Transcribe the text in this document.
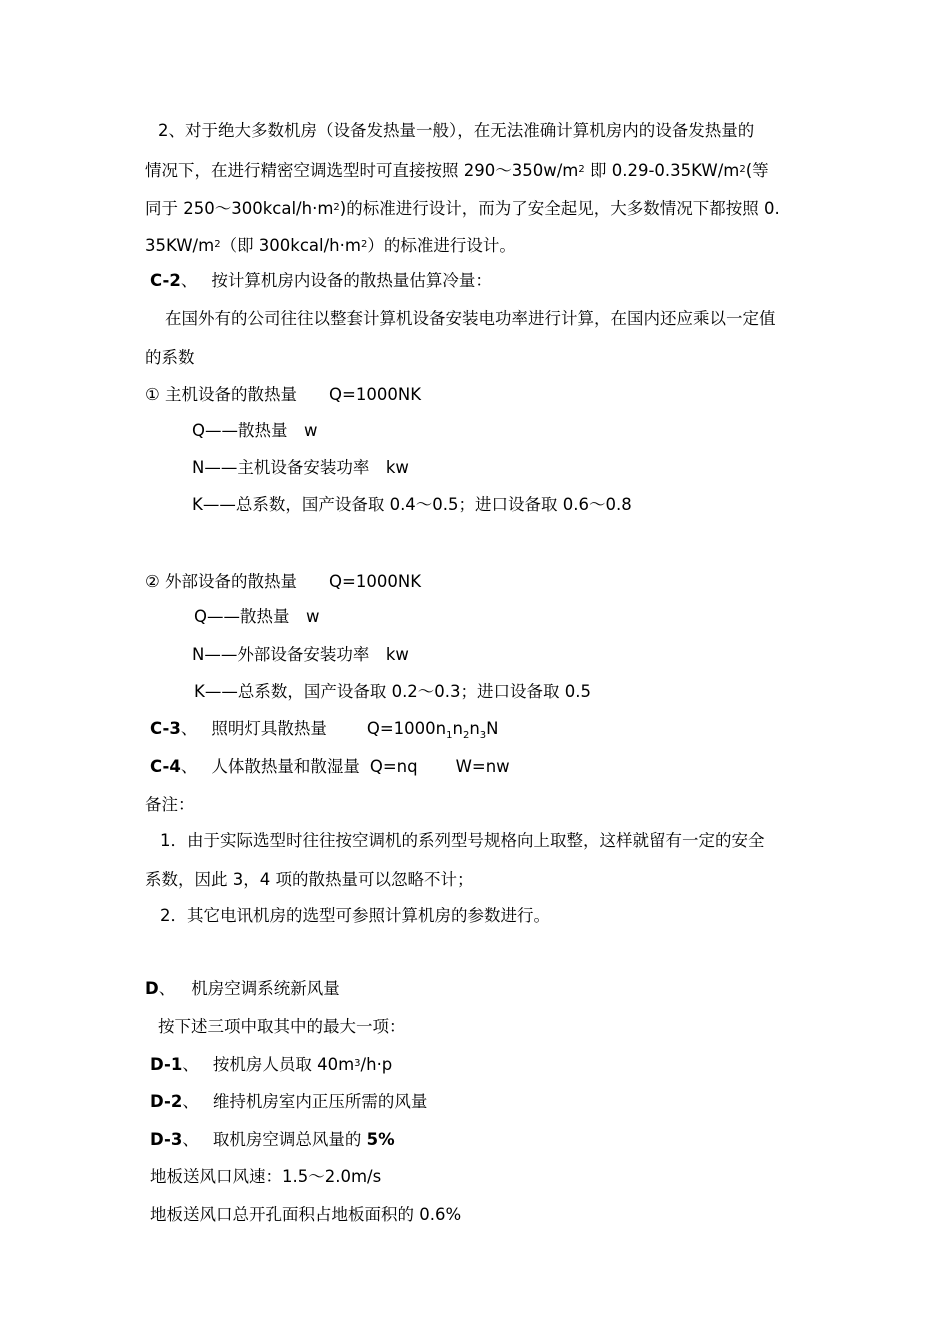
2、对于绝大多数机房（设备发热量一般），在无法准确计算机房内的设备发热量的
情况下，在进行精密空调选型时可直接按照 $290\sim 350w/m^2$ 即 $0.29-0.35KW/m^2$(等
同于 $250\sim 300kcal/h\cdot m^2$)的标准进行设计，而为了安全起见，大多数情况下都按照 0.
$35KW/m^2$（即 $300kcal/h\cdot m^2$）的标准进行设计。
C-2、 按计算机房内设备的散热量估算冷量：
在国外有的公司往往以整套计算机设备安装电功率进行计算，在国内还应乘以一定值
的系数
① 主机设备的散热量 Q=1000NK
Q——散热量　w
N——主机设备安装功率　kw
K——总系数，国产设备取 0.4～0.5；进口设备取 0.6～0.8
② 外部设备的散热量 Q=1000NK
Q——散热量　w
N——外部设备安装功率　kw
K——总系数，国产设备取 0.2～0.3；进口设备取 0.5
C-3、 照明灯具散热量 $Q=1000n_1n_2n_3N$
C-4、 人体散热量和散湿量 Q=nq W=nw
备注：
1．由于实际选型时往往按空调机的系列型号规格向上取整，这样就留有一定的安全
系数，因此 3，4 项的散热量可以忽略不计；
2．其它电讯机房的选型可参照计算机房的参数进行。
D、 机房空调系统新风量
按下述三项中取其中的最大一项：
D-1、 按机房人员取 $40m^3/h\cdot p$
D-2、 维持机房室内正压所需的风量
D-3、 取机房空调总风量的 5%
地板送风口风速：1.5～2.0m/s
地板送风口总开孔面积占地板面积的 0.6%
